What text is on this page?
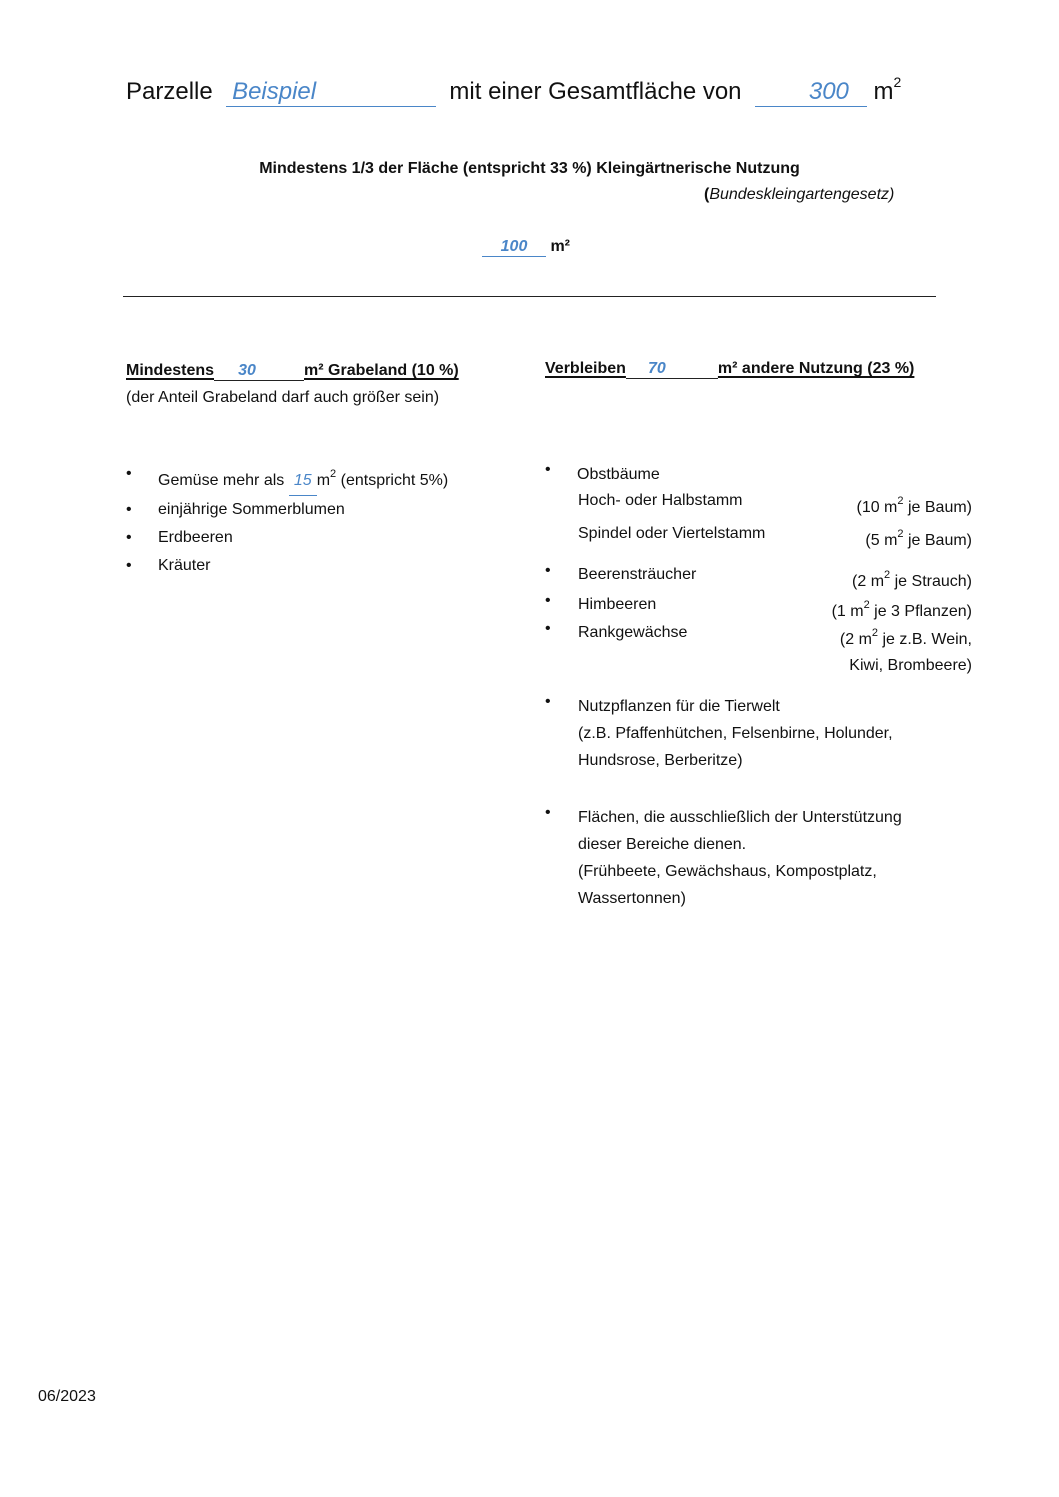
Parzelle Beispiel	mit einer Gesamtfläche von	300 $m^2$
Mindestens 1/3 der Fläche (entspricht 33 %) Kleingärtnerische Nutzung
(Bundeskleingartengesetz)
100 m²
Mindestens 30	m² Grabeland (10 %)
(der Anteil Grabeland darf auch größer sein)
• Gemüse mehr als 15 $m^2$ (entspricht 5%)
• einjährige Sommerblumen
• Erdbeeren
• Kräuter
Verbleiben 70	m² andere Nutzung (23 %)
• Obstbäume
Hoch- oder Halbstamm	(10 $m^2$ je Baum)
Spindel oder Viertelstamm	(5 $m^2$ je Baum)
• Beerensträucher	(2 $m^2$ je Strauch)
• Himbeeren	(1 $m^2$ je 3 Pflanzen)
• Rankgewächse	(2 $m^2$ je z.B. Wein,
Kiwi, Brombeere)
• Nutzpflanzen für die Tierwelt
(z.B. Pfaffenhütchen, Felsenbirne, Holunder,
Hundsrose, Berberitze)
• Flächen, die ausschließlich der Unterstützung
dieser Bereiche dienen.
(Frühbeete, Gewächshaus, Kompostplatz,
Wassertonnen)
06/2023
